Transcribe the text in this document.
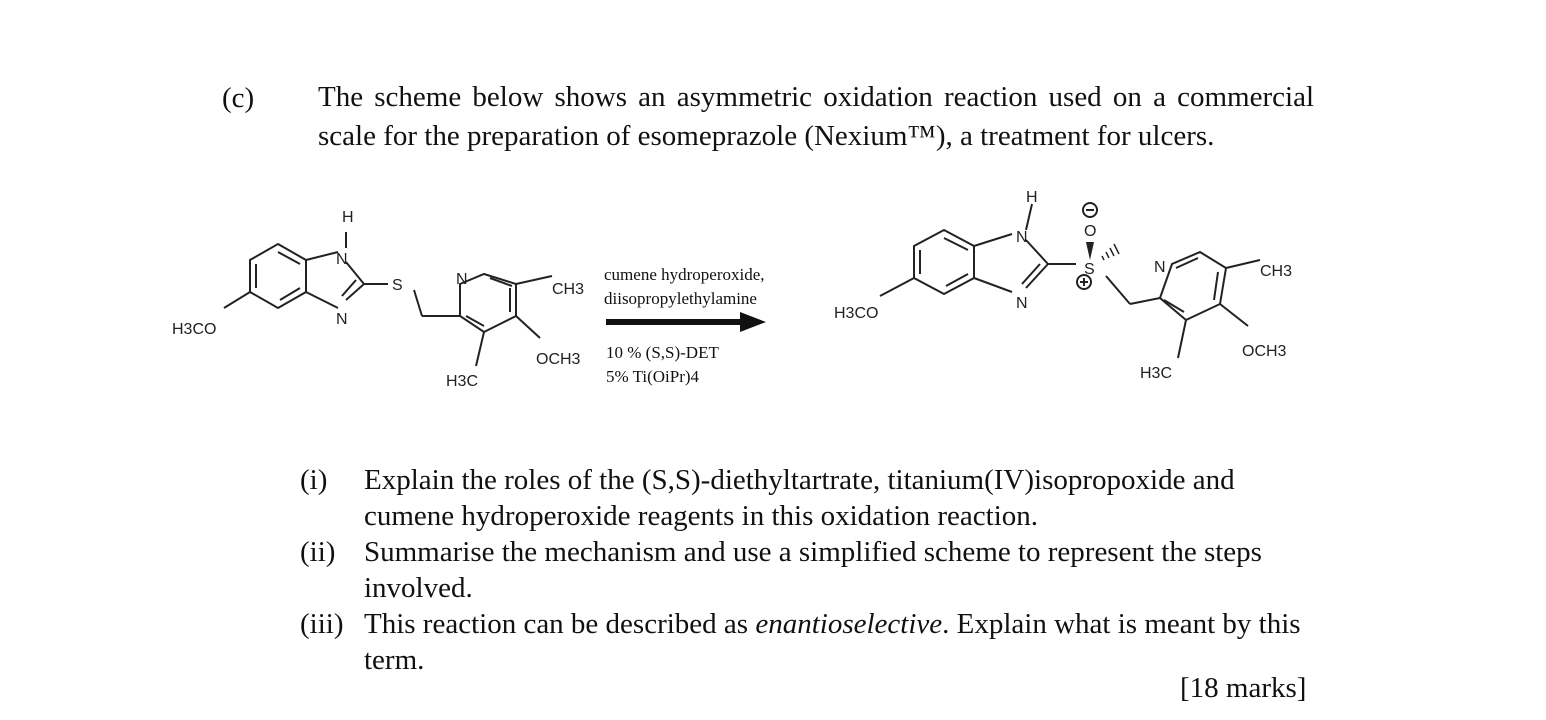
(c) The scheme below shows an asymmetric oxidation reaction used on a commercial scale for the preparation of esomeprazole (Nexium™), a treatment for ulcers.
H
N
N
S	N
CH3
OCH3
H3C
H3CO
cumene hydroperoxide,
diisopropylethylamine
10 % (S,S)-DET
5% Ti(OiPr)4
H
N
N
S
O
N	CH3
OCH3
H3C
H3CO
(i)	Explain the roles of the (S,S)-diethyltartrate, titanium(IV)isopropoxide and cumene hydroperoxide reagents in this oxidation reaction.
(ii) Summarise the mechanism and use a simplified scheme to represent the steps involved.
(iii) This reaction can be described as enantioselective. Explain what is meant by this term.
[18 marks]
